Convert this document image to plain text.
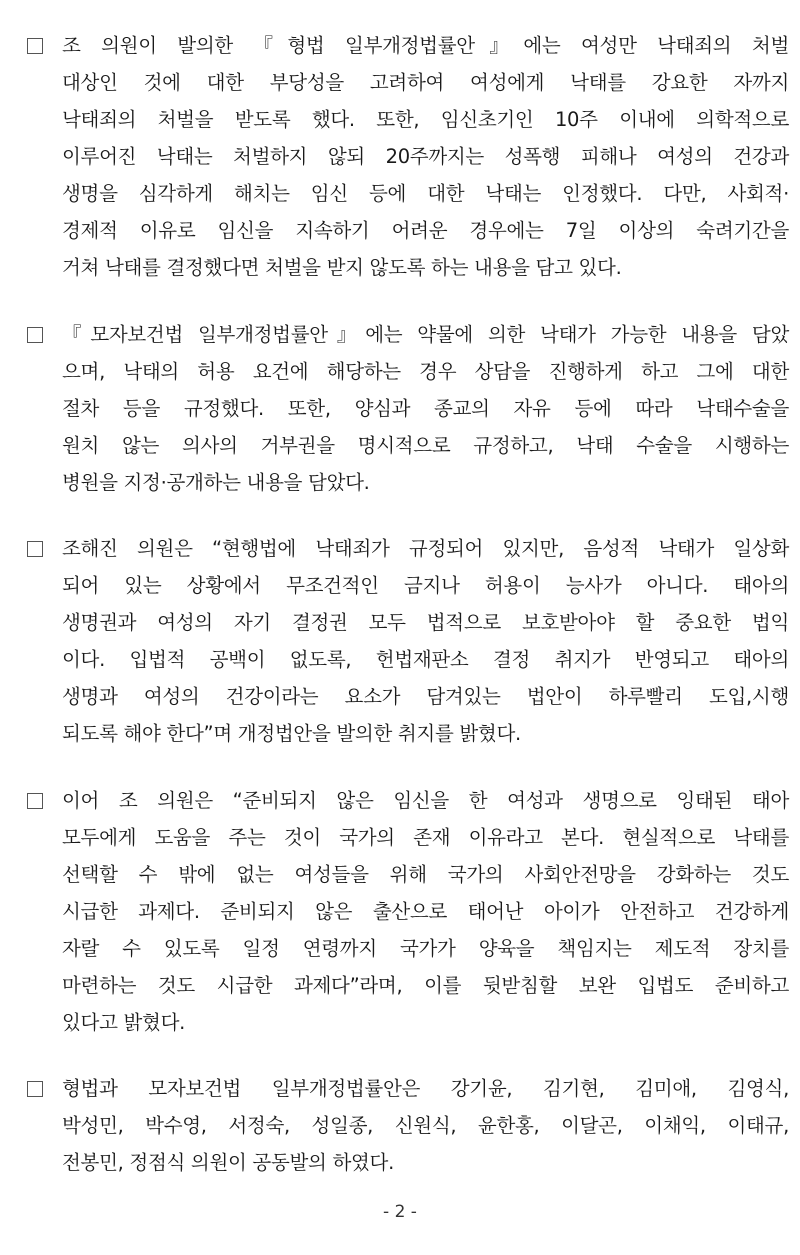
조 의원이 발의한 『형법 일부개정법률안』에는 여성만 낙태죄의 처벌
대상인 것에 대한 부당성을 고려하여 여성에게 낙태를 강요한 자까지
낙태죄의 처벌을 받도록 했다. 또한, 임신초기인 10주 이내에 의학적으로
이루어진 낙태는 처벌하지 않되 20주까지는 성폭행 피해나 여성의 건강과
생명을 심각하게 해치는 임신 등에 대한 낙태는 인정했다. 다만, 사회적·
경제적 이유로 임신을 지속하기 어려운 경우에는 7일 이상의 숙려기간을
거쳐 낙태를 결정했다면 처벌을 받지 않도록 하는 내용을 담고 있다.
『모자보건법 일부개정법률안』에는 약물에 의한 낙태가 가능한 내용을 담았
으며, 낙태의 허용 요건에 해당하는 경우 상담을 진행하게 하고 그에 대한
절차 등을 규정했다. 또한, 양심과 종교의 자유 등에 따라 낙태수술을
원치 않는 의사의 거부권을 명시적으로 규정하고, 낙태 수술을 시행하는
병원을 지정·공개하는 내용을 담았다.
조해진 의원은 “현행법에 낙태죄가 규정되어 있지만, 음성적 낙태가 일상화
되어 있는 상황에서 무조건적인 금지나 허용이 능사가 아니다. 태아의
생명권과 여성의 자기 결정권 모두 법적으로 보호받아야 할 중요한 법익
이다. 입법적 공백이 없도록, 헌법재판소 결정 취지가 반영되고 태아의
생명과 여성의 건강이라는 요소가 담겨있는 법안이 하루빨리 도입,시행
되도록 해야 한다”며 개정법안을 발의한 취지를 밝혔다.
이어 조 의원은 “준비되지 않은 임신을 한 여성과 생명으로 잉태된 태아
모두에게 도움을 주는 것이 국가의 존재 이유라고 본다. 현실적으로 낙태를
선택할 수 밖에 없는 여성들을 위해 국가의 사회안전망을 강화하는 것도
시급한 과제다. 준비되지 않은 출산으로 태어난 아이가 안전하고 건강하게
자랄 수 있도록 일정 연령까지 국가가 양육을 책임지는 제도적 장치를
마련하는 것도 시급한 과제다”라며, 이를 뒷받침할 보완 입법도 준비하고
있다고 밝혔다.
형법과 모자보건법 일부개정법률안은 강기윤, 김기현, 김미애, 김영식,
박성민, 박수영, 서정숙, 성일종, 신원식, 윤한홍, 이달곤, 이채익, 이태규,
전봉민, 정점식 의원이 공동발의 하였다.
- 2 -
